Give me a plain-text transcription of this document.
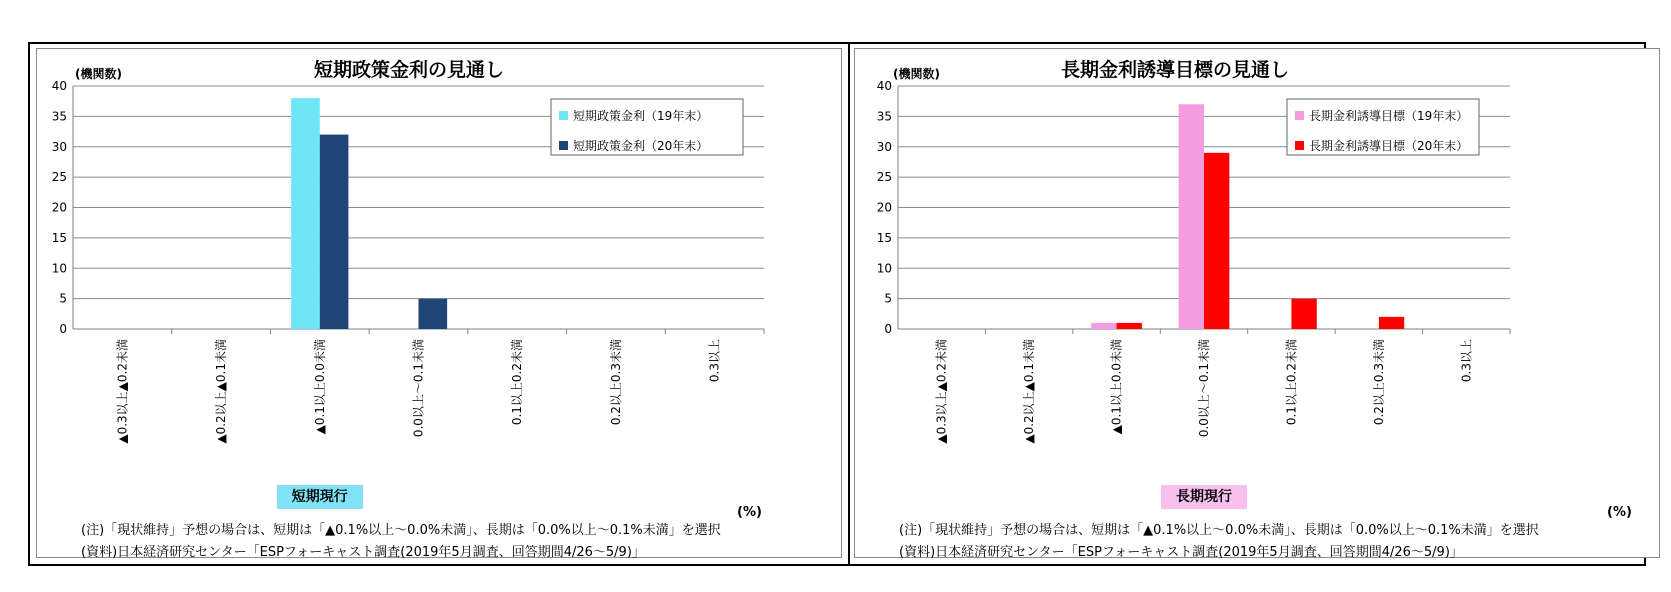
短期政策金利の見通し
(機関数)
0
5
10
15
20
25
30
35
40
▲0.3以上▲0.2未満	▲0.2以上▲0.1未満	▲0.1以上0.0未満	0.0以上～0.1未満	0.1以上0.2未満	0.2以上0.3未満	0.3以上
短期政策金利（19年末）
短期政策金利（20年末）
短期現行
(%)
(注)「現状維持」予想の場合は、短期は「▲0.1%以上～0.0%未満」、長期は「0.0%以上～0.1%未満」を選択
(資料)日本経済研究センター「ESPフォーキャスト調査(2019年5月調査、回答期間4/26～5/9)」
長期金利誘導目標の見通し
(機関数)
0
5
10
15
20
25
30
35
40
▲0.3以上▲0.2未満	▲0.2以上▲0.1未満	▲0.1以上0.0未満	0.0以上～0.1未満	0.1以上0.2未満	0.2以上0.3未満	0.3以上
長期金利誘導目標（19年末）
長期金利誘導目標（20年末）
長期現行
(%)
(注)「現状維持」予想の場合は、短期は「▲0.1%以上～0.0%未満」、長期は「0.0%以上～0.1%未満」を選択
(資料)日本経済研究センター「ESPフォーキャスト調査(2019年5月調査、回答期間4/26～5/9)」
